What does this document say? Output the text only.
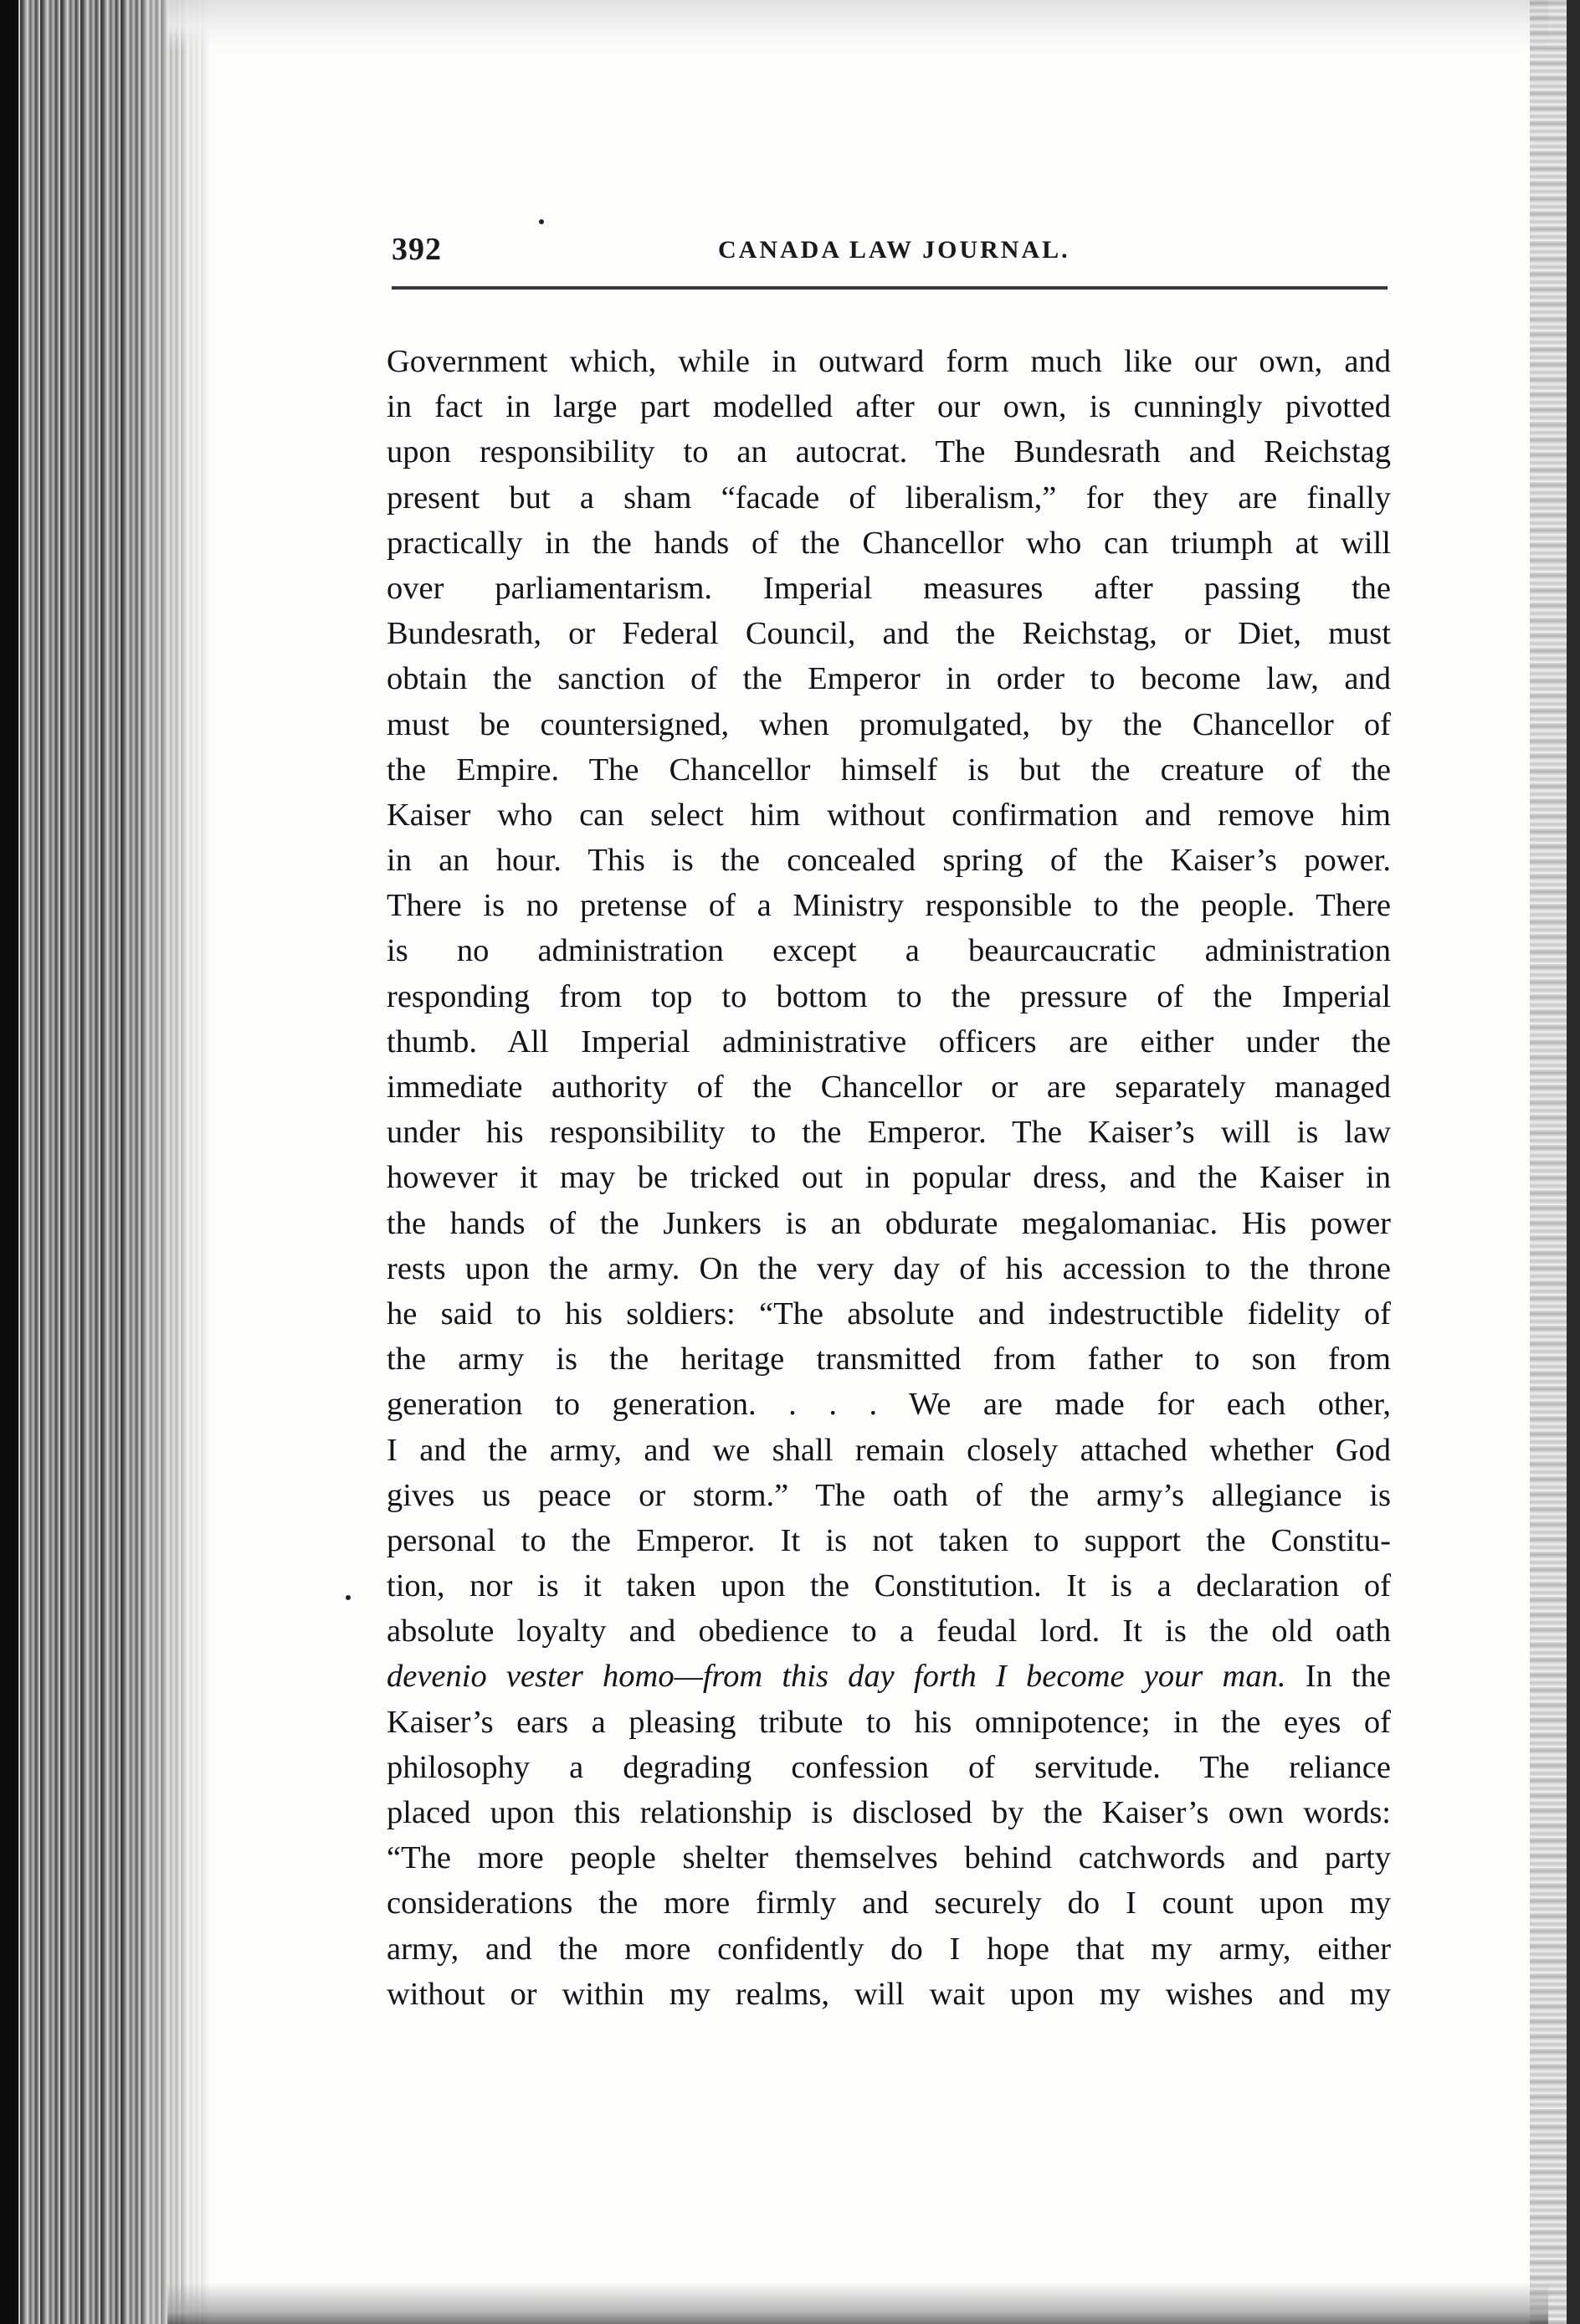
392	CANADA LAW JOURNAL.
Government which, while in outward form much like our own, and
in fact in large part modelled after our own, is cunningly pivotted
upon responsibility to an autocrat. The Bundesrath and Reichstag
present but a sham “facade of liberalism,” for they are finally
practically in the hands of the Chancellor who can triumph at will
over parliamentarism. Imperial measures after passing the
Bundesrath, or Federal Council, and the Reichstag, or Diet, must
obtain the sanction of the Emperor in order to become law, and
must be countersigned, when promulgated, by the Chancellor of
the Empire. The Chancellor himself is but the creature of the
Kaiser who can select him without confirmation and remove him
in an hour. This is the concealed spring of the Kaiser’s power.
There is no pretense of a Ministry responsible to the people. There
is no administration except a beaurcaucratic administration
responding from top to bottom to the pressure of the Imperial
thumb. All Imperial administrative officers are either under the
immediate authority of the Chancellor or are separately managed
under his responsibility to the Emperor. The Kaiser’s will is law
however it may be tricked out in popular dress, and the Kaiser in
the hands of the Junkers is an obdurate megalomaniac. His power
rests upon the army. On the very day of his accession to the throne
he said to his soldiers: “The absolute and indestructible fidelity of
the army is the heritage transmitted from father to son from
generation to generation. . . . We are made for each other,
I and the army, and we shall remain closely attached whether God
gives us peace or storm.” The oath of the army’s allegiance is
personal to the Emperor. It is not taken to support the Constitu-
tion, nor is it taken upon the Constitution. It is a declaration of
absolute loyalty and obedience to a feudal lord. It is the old oath
devenio vester homo—from this day forth I become your man. In the
Kaiser’s ears a pleasing tribute to his omnipotence; in the eyes of
philosophy a degrading confession of servitude. The reliance
placed upon this relationship is disclosed by the Kaiser’s own words:
“The more people shelter themselves behind catchwords and party
considerations the more firmly and securely do I count upon my
army, and the more confidently do I hope that my army, either
without or within my realms, will wait upon my wishes and my
